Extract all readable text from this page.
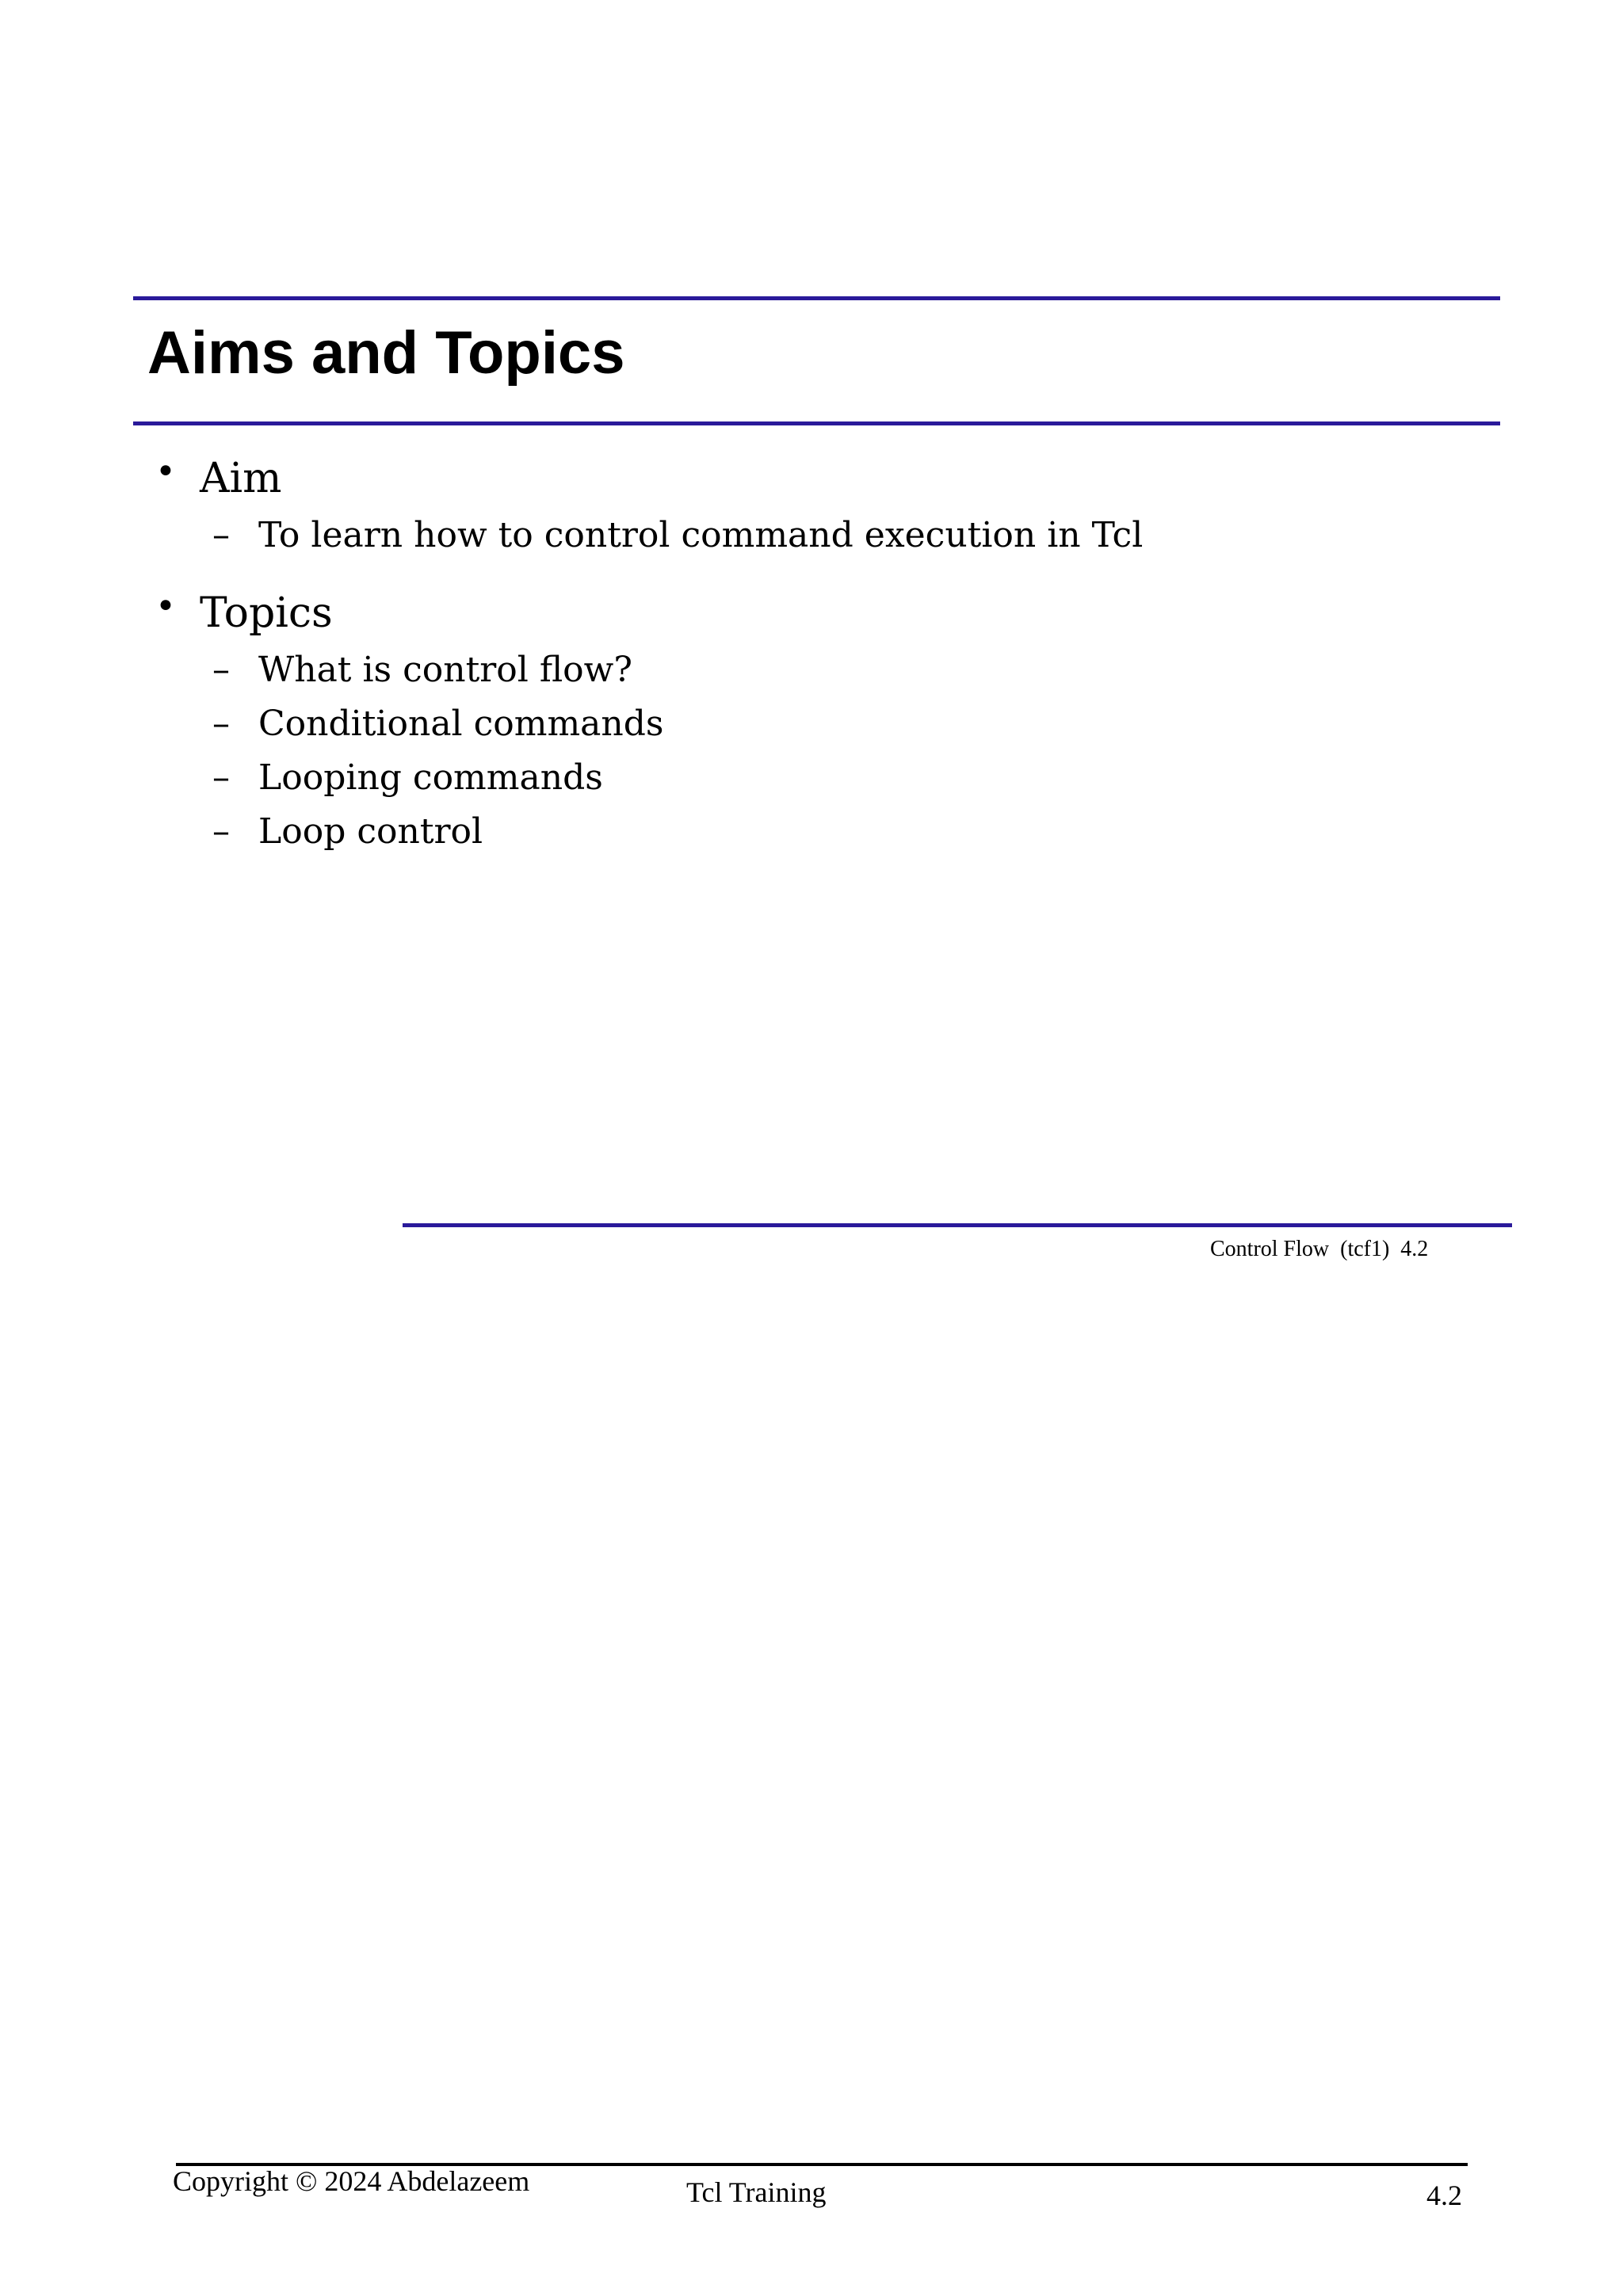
Aims and Topics
• Aim
– To learn how to control command execution in Tcl
• Topics
– What is control flow?
– Conditional commands
– Looping commands
– Loop control
Control Flow  (tcf1)  4.2
Copyright © 2024 Abdelazeem	Tcl Training	4.2
